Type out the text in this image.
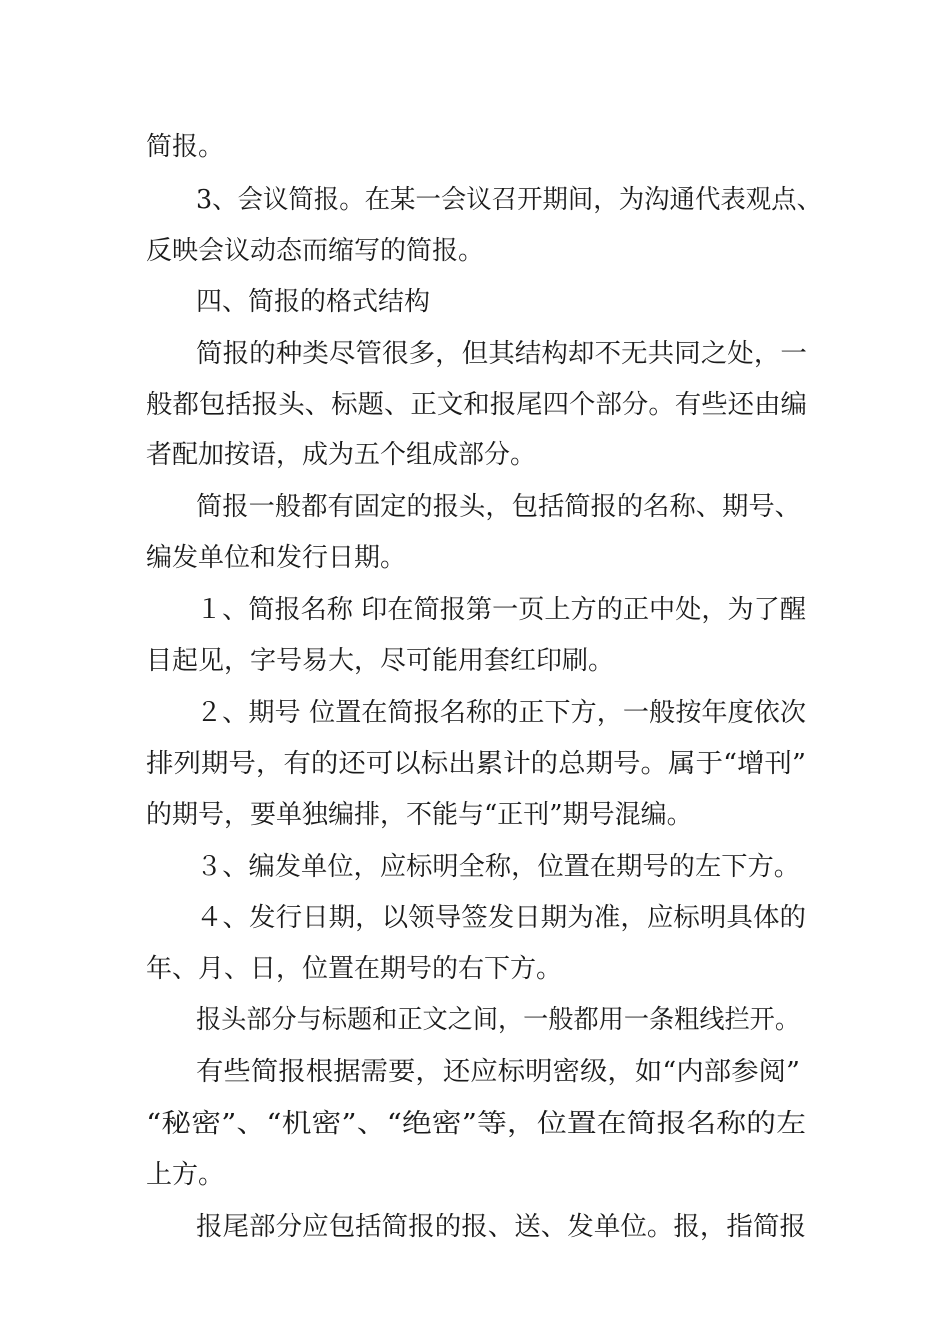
简报。
3、会议简报。在某一会议召开期间，为沟通代表观点、
反映会议动态而缩写的简报。
四、简报的格式结构
简报的种类尽管很多，但其结构却不无共同之处，一
般都包括报头、标题、正文和报尾四个部分。有些还由编
者配加按语，成为五个组成部分。
简报一般都有固定的报头，包括简报的名称、期号、
编发单位和发行日期。
１、简报名称 印在简报第一页上方的正中处，为了醒
目起见，字号易大，尽可能用套红印刷。
２、期号 位置在简报名称的正下方，一般按年度依次
排列期号，有的还可以标出累计的总期号。属于“增刊”
的期号，要单独编排，不能与“正刊”期号混编。
３、编发单位，应标明全称，位置在期号的左下方。
４、发行日期，以领导签发日期为准，应标明具体的
年、月、日，位置在期号的右下方。
报头部分与标题和正文之间，一般都用一条粗线拦开。
有些简报根据需要，还应标明密级，如“内部参阅”
“秘密”、“机密”、“绝密”等，位置在简报名称的左
上方。
报尾部分应包括简报的报、送、发单位。报，指简报
